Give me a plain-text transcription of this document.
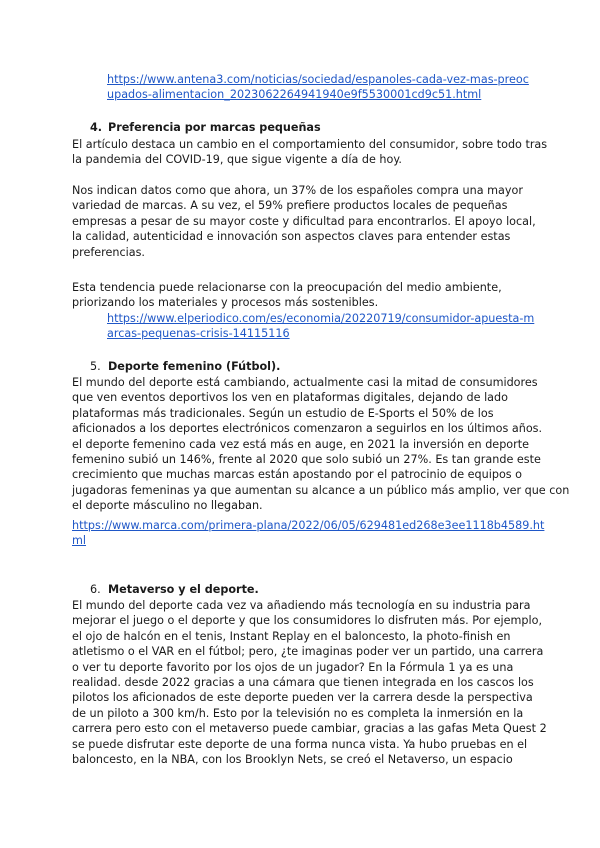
https://www.antena3.com/noticias/sociedad/espanoles-cada-vez-mas-preoc
upados-alimentacion_2023062264941940e9f5530001cd9c51.html

4. Preferencia por marcas pequeñas

El artículo destaca un cambio en el comportamiento del consumidor, sobre todo tras
la pandemia del COVID-19, que sigue vigente a día de hoy.

Nos indican datos como que ahora, un 37% de los españoles compra una mayor
variedad de marcas. A su vez, el 59% prefiere productos locales de pequeñas
empresas a pesar de su mayor coste y dificultad para encontrarlos. El apoyo local,
la calidad, autenticidad e innovación son aspectos claves para entender estas
preferencias.

Esta tendencia puede relacionarse con la preocupación del medio ambiente,
priorizando los materiales y procesos más sostenibles.

https://www.elperiodico.com/es/economia/20220719/consumidor-apuesta-m
arcas-pequenas-crisis-14115116

5. Deporte femenino (Fútbol).

El mundo del deporte está cambiando, actualmente casi la mitad de consumidores
que ven eventos deportivos los ven en plataformas digitales, dejando de lado
plataformas más tradicionales. Según un estudio de E-Sports el 50% de los
aficionados a los deportes electrónicos comenzaron a seguirlos en los últimos años.
el deporte femenino cada vez está más en auge, en 2021 la inversión en deporte
femenino subió un 146%, frente al 2020 que solo subió un 27%. Es tan grande este
crecimiento que muchas marcas están apostando por el patrocinio de equipos o
jugadoras femeninas ya que aumentan su alcance a un público más amplio, ver que con
el deporte másculino no llegaban.

https://www.marca.com/primera-plana/2022/06/05/629481ed268e3ee1118b4589.ht
ml

6. Metaverso y el deporte.

El mundo del deporte cada vez va añadiendo más tecnología en su industria para
mejorar el juego o el deporte y que los consumidores lo disfruten más. Por ejemplo,
el ojo de halcón en el tenis, Instant Replay en el baloncesto, la photo-finish en
atletismo o el VAR en el fútbol; pero, ¿te imaginas poder ver un partido, una carrera
o ver tu deporte favorito por los ojos de un jugador? En la Fórmula 1 ya es una
realidad. desde 2022 gracias a una cámara que tienen integrada en los cascos los
pilotos los aficionados de este deporte pueden ver la carrera desde la perspectiva
de un piloto a 300 km/h. Esto por la televisión no es completa la inmersión en la
carrera pero esto con el metaverso puede cambiar, gracias a las gafas Meta Quest 2
se puede disfrutar este deporte de una forma nunca vista. Ya hubo pruebas en el
baloncesto, en la NBA, con los Brooklyn Nets, se creó el Netaverso, un espacio
